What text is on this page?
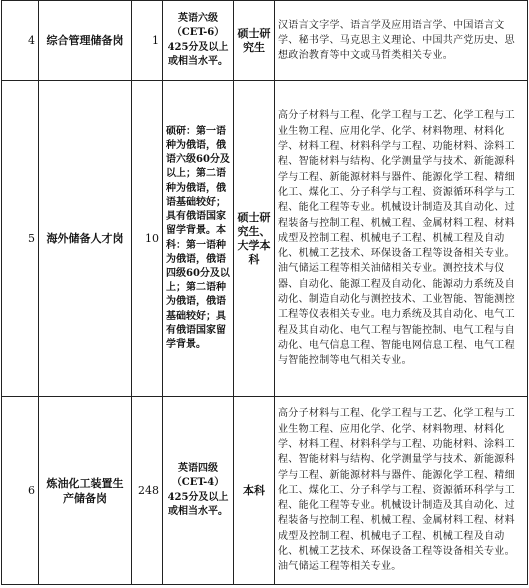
4	综合管理储备岗	1	英语六级（CET-6）425分及以上或相当水平。	硕士研究生	汉语言文字学、语言学及应用语言学、中国语言文学、秘书学、马克思主义理论、中国共产党历史、思想政治教育等中文或马哲类相关专业。
5	海外储备人才岗	10	硕研：第一语种为俄语，俄语六级60分及以上；第二语种为俄语，俄语基础较好；具有俄语国家留学背景。本科：第一语种为俄语，俄语四级60分及以上；第二语种为俄语，俄语基础较好；具有俄语国家留学背景。	硕士研究生、大学本科	高分子材料与工程、化学工程与工艺、化学工程与工业生物工程、应用化学、化学、材料物理、材料化学、材料工程、材料科学与工程、功能材料、涂料工程、智能材料与结构、化学测量学与技术、新能源科学与工程、新能源材料与器件、能源化学工程、精细化工、煤化工、分子科学与工程、资源循环科学与工程、能化工程等专业。机械设计制造及其自动化、过程装备与控制工程、机械工程、金属材料工程、材料成型及控制工程、机械电子工程、机械工程及自动化、机械工艺技术、环保设备工程等设备相关专业。油气储运工程等相关油储相关专业。测控技术与仪器、自动化、能源工程及自动化、能源动力系统及自动化、制造自动化与测控技术、工业智能、智能测控工程等仪表相关专业。电力系统及其自动化、电气工程及其自动化、电气工程与智能控制、电气工程与自动化、电气信息工程、智能电网信息工程、电气工程与智能控制等电气相关专业。
6	炼油化工装置生产储备岗	248	英语四级（CET-4）425分及以上或相当水平。	本科	高分子材料与工程、化学工程与工艺、化学工程与工业生物工程、应用化学、化学、材料物理、材料化学、材料工程、材料科学与工程、功能材料、涂料工程、智能材料与结构、化学测量学与技术、新能源科学与工程、新能源材料与器件、能源化学工程、精细化工、煤化工、分子科学与工程、资源循环科学与工程、能化工程等专业。机械设计制造及其自动化、过程装备与控制工程、机械工程、金属材料工程、材料成型及控制工程、机械电子工程、机械工程及自动化、机械工艺技术、环保设备工程等设备相关专业。油气储运工程等相关专业。
